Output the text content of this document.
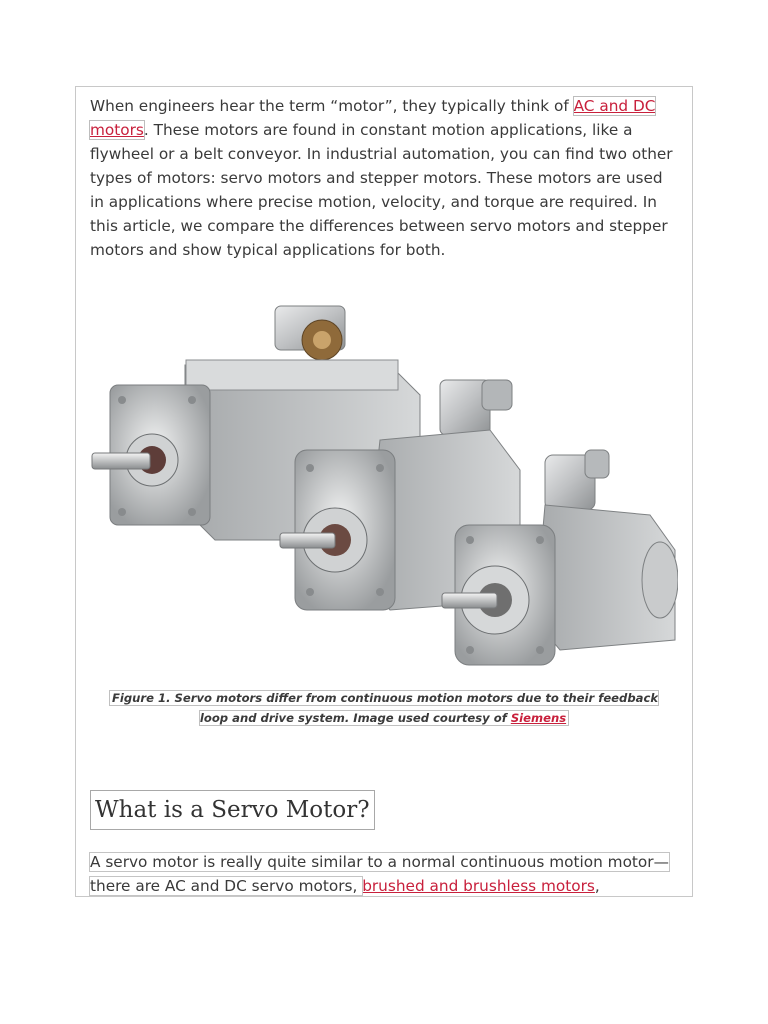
When engineers hear the term “motor”, they typically think of AC and DC motors. These motors are found in constant motion applications, like a flywheel or a belt conveyor. In industrial automation, you can find two other types of motors: servo motors and stepper motors. These motors are used in applications where precise motion, velocity, and torque are required. In this article, we compare the differences between servo motors and stepper motors and show typical applications for both.

Figure 1. Servo motors differ from continuous motion motors due to their feedback loop and drive system. Image used courtesy of Siemens
What is a Servo Motor?

A servo motor is really quite similar to a normal continuous motion motor—there are AC and DC servo motors, brushed and brushless motors,
